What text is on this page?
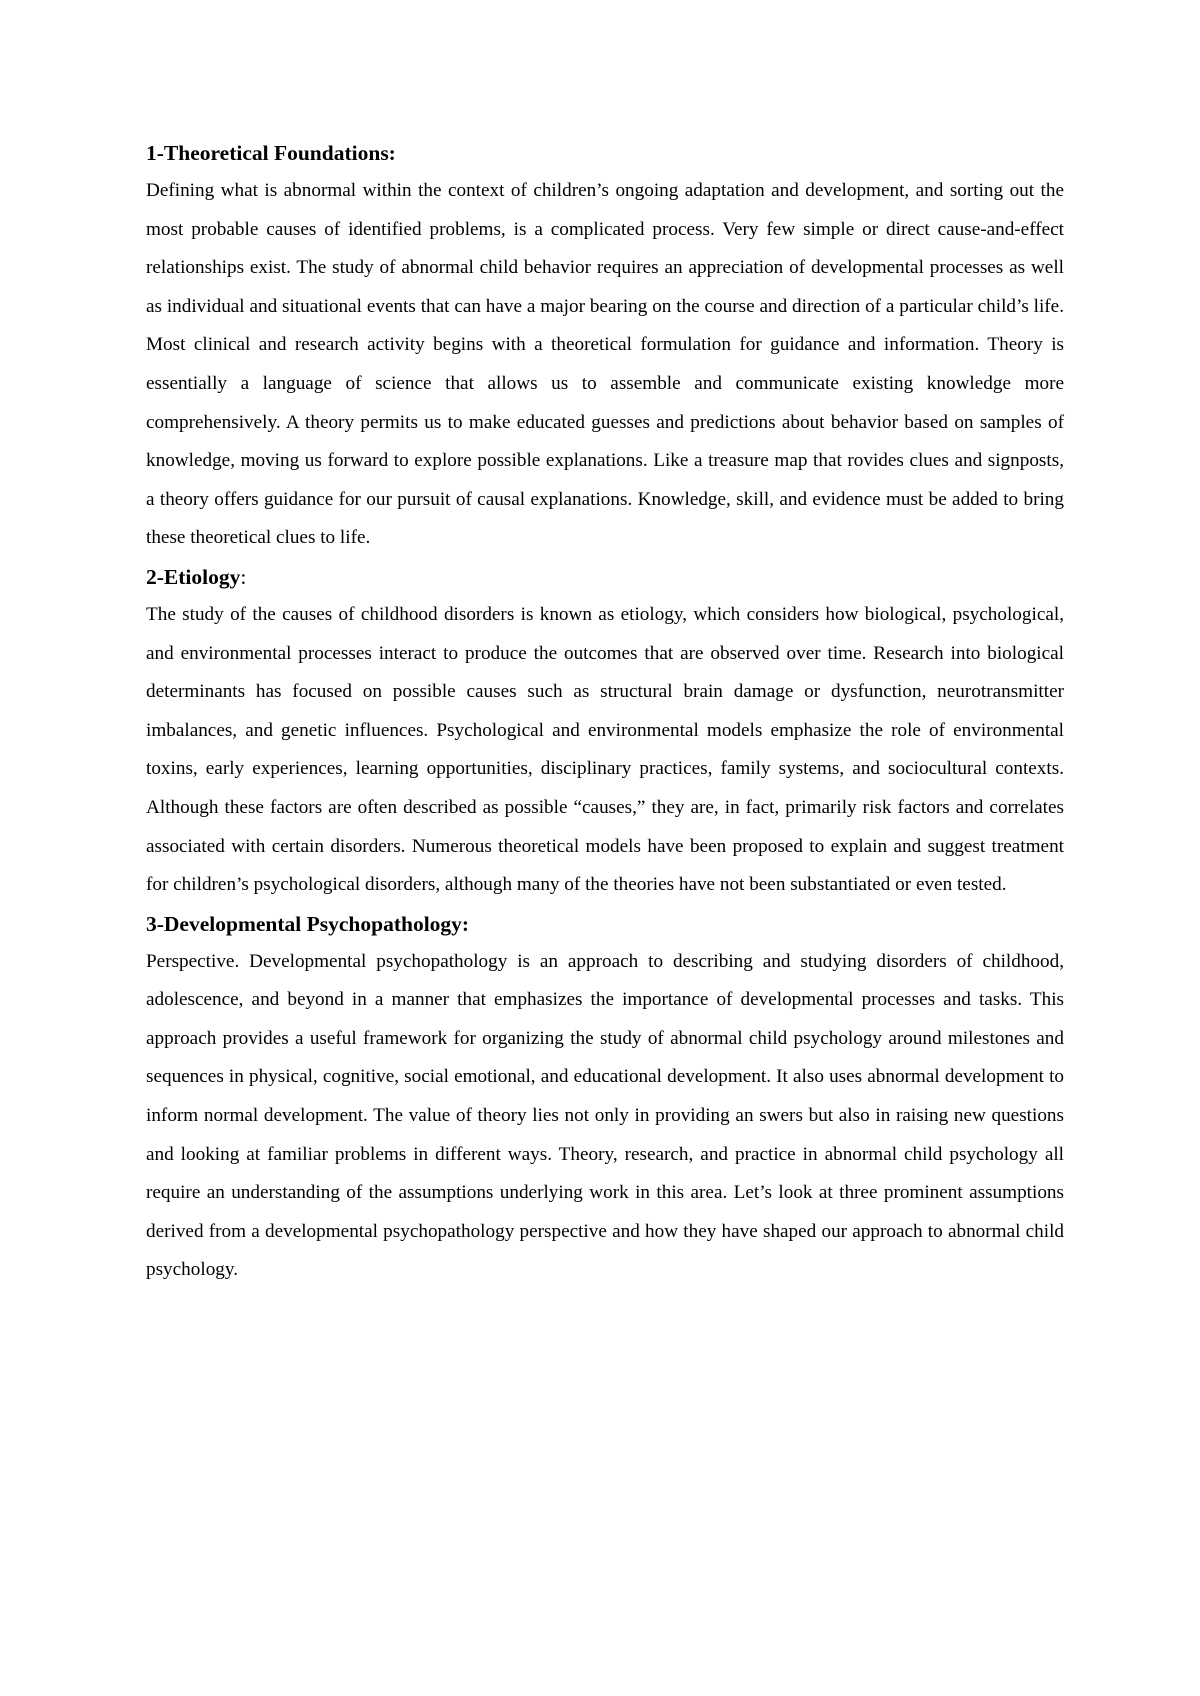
1-Theoretical Foundations:

Defining what is abnormal within the context of children’s ongoing adaptation and development, and sorting out the most probable causes of identified problems, is a complicated process. Very few simple or direct cause-and-effect relationships exist. The study of abnormal child behavior requires an appreciation of developmental processes as well as individual and situational events that can have a major bearing on the course and direction of a particular child’s life. Most clinical and research activity begins with a theoretical formulation for guidance and information. Theory is essentially a language of science that allows us to assemble and communicate existing knowledge more comprehensively. A theory permits us to make educated guesses and predictions about behavior based on samples of knowledge, moving us forward to explore possible explanations. Like a treasure map that rovides clues and signposts, a theory offers guidance for our pursuit of causal explanations. Knowledge, skill, and evidence must be added to bring these theoretical clues to life.

2-Etiology:

The study of the causes of childhood disorders is known as etiology, which considers how biological, psychological, and environmental processes interact to produce the outcomes that are observed over time. Research into biological determinants has focused on possible causes such as structural brain damage or dysfunction, neurotransmitter imbalances, and genetic influences. Psychological and environmental models emphasize the role of environmental toxins, early experiences, learning opportunities, disciplinary practices, family systems, and sociocultural contexts. Although these factors are often described as possible “causes,” they are, in fact, primarily risk factors and correlates associated with certain disorders. Numerous theoretical models have been proposed to explain and suggest treatment for children’s psychological disorders, although many of the theories have not been substantiated or even tested.

3-Developmental Psychopathology:

Perspective. Developmental psychopathology is an approach to describing and studying disorders of childhood, adolescence, and beyond in a manner that emphasizes the importance of developmental processes and tasks. This approach provides a useful framework for organizing the study of abnormal child psychology around milestones and sequences in physical, cognitive, social emotional, and educational development. It also uses abnormal development to inform normal development. The value of theory lies not only in providing an swers but also in raising new questions and looking at familiar problems in different ways. Theory, research, and practice in abnormal child psychology all require an understanding of the assumptions underlying work in this area. Let’s look at three prominent assumptions derived from a developmental psychopathology perspective and how they have shaped our approach to abnormal child psychology.
